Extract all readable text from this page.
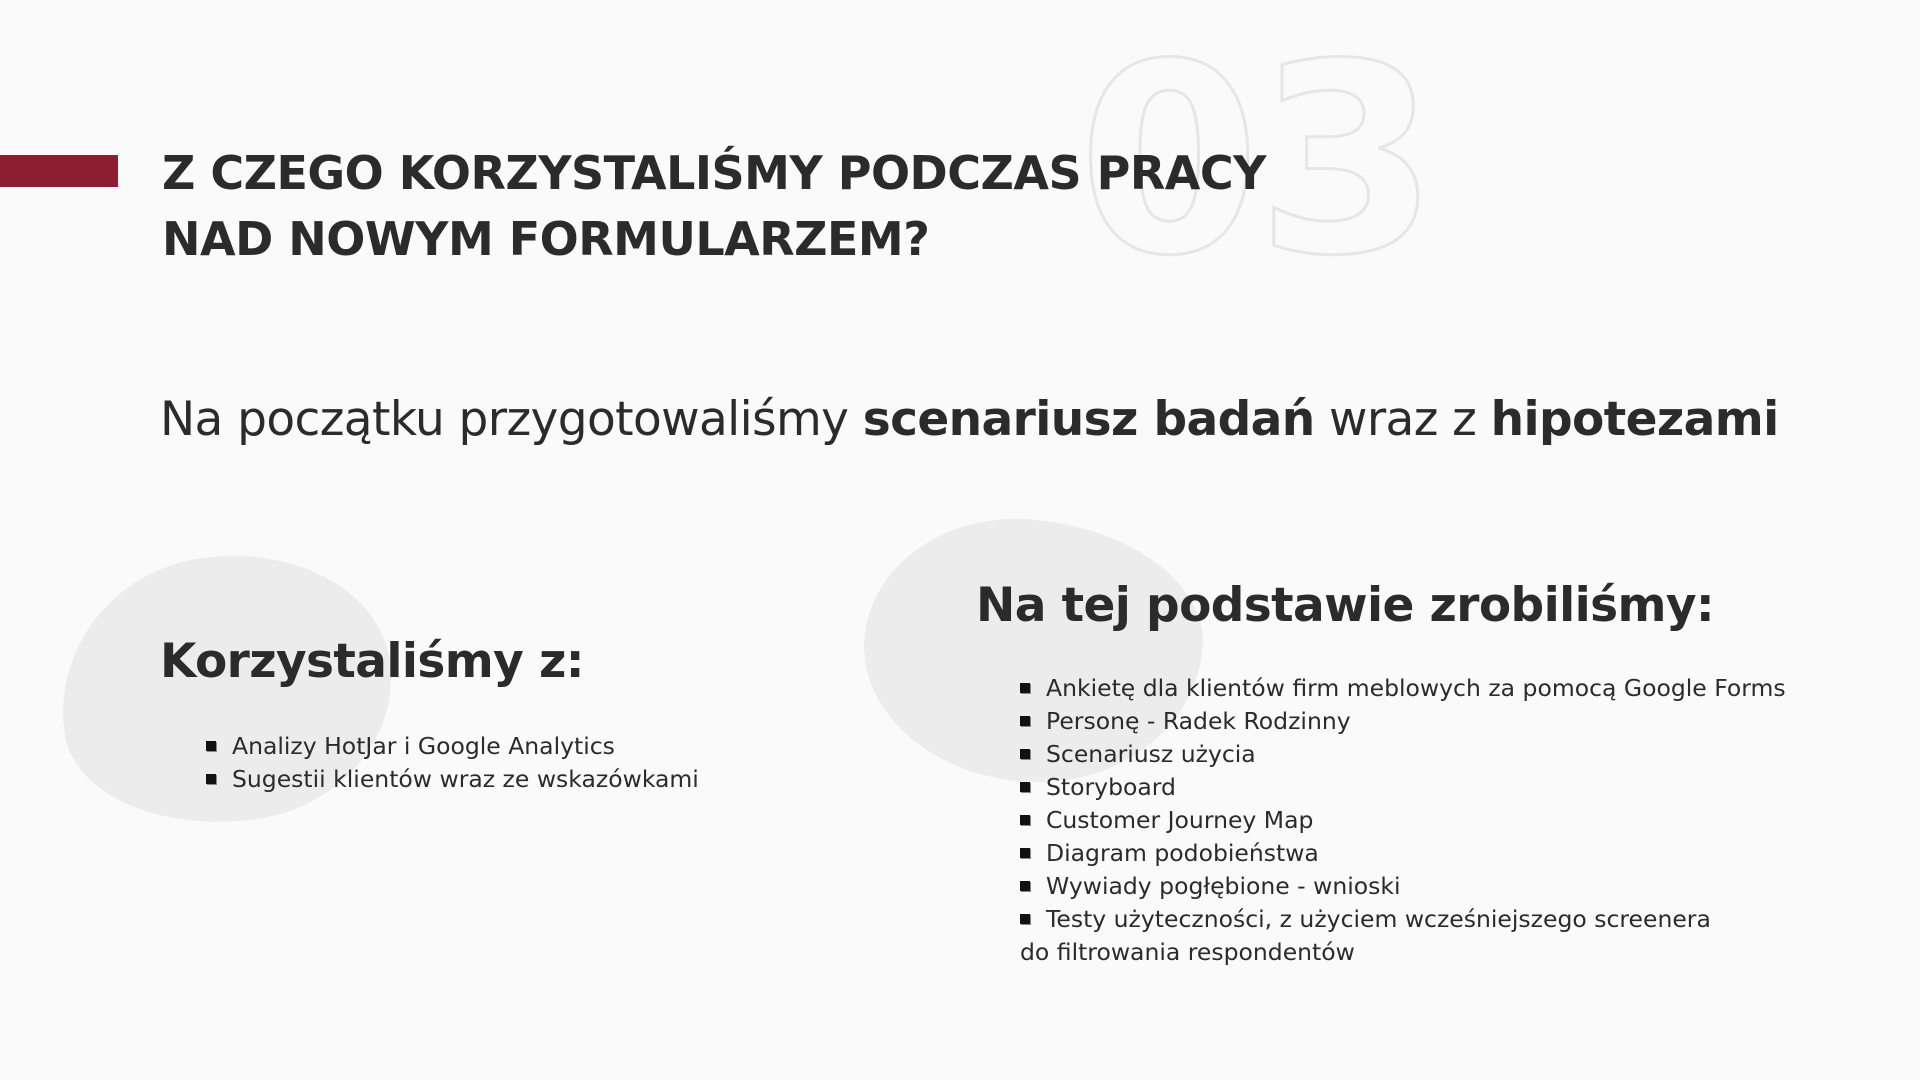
03
Z CZEGO KORZYSTALIŚMY PODCZAS PRACY
NAD NOWYM FORMULARZEM?

Na początku przygotowaliśmy scenariusz badań wraz z hipotezami

Korzystaliśmy z:
Analizy HotJar i Google Analytics
Sugestii klientów wraz ze wskazówkami
Na tej podstawie zrobiliśmy:
Ankietę dla klientów firm meblowych za pomocą Google Forms
Personę - Radek Rodzinny
Scenariusz użycia
Storyboard
Customer Journey Map
Diagram podobieństwa
Wywiady pogłębione - wnioski
Testy użyteczności, z użyciem wcześniejszego screenera do filtrowania respondentów
